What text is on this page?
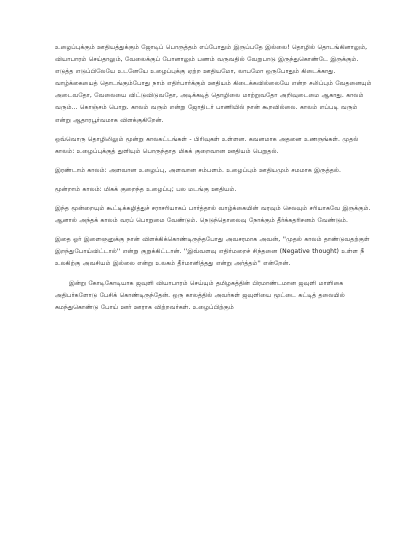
உழைப்புக்கும் ஊதியத்துக்கும் ஜோடிப் பொருத்தம் எப்போதும் இருப்பதே இல்லை! தொழில் தொடங்கினாலும், வியாபாரம் செய்தாலும், வேலைக்குப் போனாலும் பணம் வருவதில் வேறுபாடு இருந்துகொண்டே இருக்கும். எடுத்த எடுப்பிலேயே உடனேயே உழைப்புக்கு ஏற்ற ஊதியமோ, லாபமோ ஒருபோதும் கிடைக்காது. வாழ்க்கையைத் தொடங்கும்போது நாம் எதிர்பார்க்கும் ஊதியம் கிடைக்கவில்லையே என்ற சலிப்பும் வேதனையும் அடைவதோ, வேலையை விட்டுவிடுவதோ, அடிக்கடித் தொழிலை மாற்றுவதோ அறிவுடைமை ஆகாது. காலம் வரும்... கொஞ்சம் பொறு. காலம் வரும் என்று ஜோதிடர் பாணியில் நான் கூறவில்லை. காலம் எப்படி வரும் என்று ஆதாரபூர்வமாக விளக்குகிறேன்.

ஒவ்வொரு தொழிலிலும் மூன்று காலகட்டங்கள் - பிரிவுகள் உள்ளன. கவனமாக அதனை உணருங்கள். முதல் காலம்: உழைப்புக்குத் துளியும் பொருந்தாத மிகக் குறைவான ஊதியம் பெறுதல்.

இரண்டாம் காலம்: அளவான உழைப்பு, அளவான சம்பளம். உழைப்பும் ஊதியமும் சமமாக இருத்தல்.

மூன்றாம் காலம்: மிகக் குறைந்த உழைப்பு; பல மடங்கு ஊதியம்.

இந்த மூன்றையும் கூட்டிக்கழித்துச் சராசரியாகப் பார்த்தால் வாழ்க்கையின் வரவும் செலவும் சரியாகவே இருக்கும். ஆனால் அந்தக் காலம் வரப் பொறுமை வேண்டும். நெடுந்தொலைவு நோக்கும் தீர்க்கதரிசனம் வேண்டும்.

இதை ஓர் இளைஞனுக்கு நான் விளக்கிக்கொண்டிருந்தபோது அவசரமாக அவன், ''முதல் காலம் தாண்டுவதற்குள் இறந்துபோய்விட்டால்'' என்று குறுக்கிட்டான். ''இவ்வளவு எதிர்மறைச் சிந்தனை (Negative thought) உள்ள நீ உலகிற்கு அவசியம் இல்லை என்று உலகம் தீர்மானித்தது என்று அர்த்தம்'' என்றேன்.

இன்று கோடிகோடியாக ஜவுளி வியாபாரம் செய்யும் தமிழகத்தின் பிரமாண்டமான ஜவுளி மாளிகை அதிபர்களோடு பேசிக் கொண்டிருந்தேன். ஒரு காலத்தில் அவர்கள் ஜவுளியை மூட்டை கட்டித் தலையில் சுமந்துகொண்டு போய் ஊர் ஊராக விற்றவர்கள். உழைப்பிற்கும்
